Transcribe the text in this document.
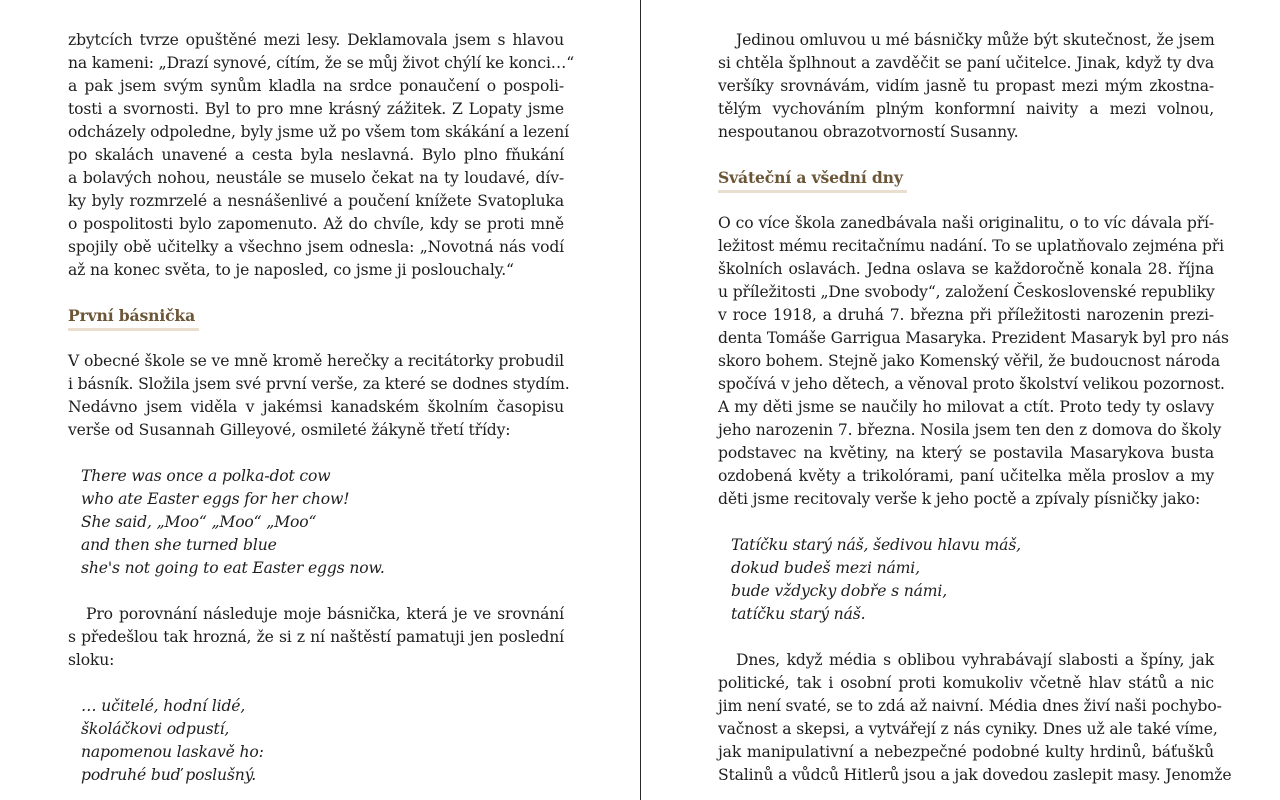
zbytcích tvrze opuštěné mezi lesy. Deklamovala jsem s hlavou
na kameni: „Drazí synové, cítím, že se můj život chýlí ke konci…“
a pak jsem svým synům kladla na srdce ponaučení o pospoli-
tosti a svornosti. Byl to pro mne krásný zážitek. Z Lopaty jsme
odcházely odpoledne, byly jsme už po všem tom skákání a lezení
po skalách unavené a cesta byla neslavná. Bylo plno fňukání
a bolavých nohou, neustále se muselo čekat na ty loudavé, dív-
ky byly rozmrzelé a nesnášenlivé a poučení knížete Svatopluka
o pospolitosti bylo zapomenuto. Až do chvíle, kdy se proti mně
spojily obě učitelky a všechno jsem odnesla: „Novotná nás vodí
až na konec světa, to je naposled, co jsme ji poslouchaly.“

První básnička

V obecné škole se ve mně kromě herečky a recitátorky probudil
i básník. Složila jsem své první verše, za které se dodnes stydím.
Nedávno jsem viděla v jakémsi kanadském školním časopisu
verše od Susannah Gilleyové, osmileté žákyně třetí třídy:

There was once a polka-dot cow
who ate Easter eggs for her chow!
She said, „Moo“ „Moo“ „Moo“
and then she turned blue
she's not going to eat Easter eggs now.

Pro porovnání následuje moje básnička, která je ve srovnání
s předešlou tak hrozná, že si z ní naštěstí pamatuji jen poslední
sloku:

… učitelé, hodní lidé,
školáčkovi odpustí,
napomenou laskavě ho:
podruhé buď poslušný.

Jedinou omluvou u mé básničky může být skutečnost, že jsem
si chtěla šplhnout a zavděčit se paní učitelce. Jinak, když ty dva
veršíky srovnávám, vidím jasně tu propast mezi mým zkostna-
tělým vychováním plným konformní naivity a mezi volnou,
nespoutanou obrazotvorností Susanny.

Sváteční a všední dny

O co více škola zanedbávala naši originalitu, o to víc dávala pří-
ležitost mému recitačnímu nadání. To se uplatňovalo zejména při
školních oslavách. Jedna oslava se každoročně konala 28. října
u příležitosti „Dne svobody“, založení Československé republiky
v roce 1918, a druhá 7. března při příležitosti narozenin prezi-
denta Tomáše Garrigua Masaryka. Prezident Masaryk byl pro nás
skoro bohem. Stejně jako Komenský věřil, že budoucnost národa
spočívá v jeho dětech, a věnoval proto školství velikou pozornost.
A my děti jsme se naučily ho milovat a ctít. Proto tedy ty oslavy
jeho narozenin 7. března. Nosila jsem ten den z domova do školy
podstavec na květiny, na který se postavila Masarykova busta
ozdobená květy a trikolórami, paní učitelka měla proslov a my
děti jsme recitovaly verše k jeho poctě a zpívaly písničky jako:

Tatíčku starý náš, šedivou hlavu máš,
dokud budeš mezi námi,
bude vždycky dobře s námi,
tatíčku starý náš.

Dnes, když média s oblibou vyhrabávají slabosti a špíny, jak
politické, tak i osobní proti komukoliv včetně hlav států a nic
jim není svaté, se to zdá až naivní. Média dnes živí naši pochybo-
vačnost a skepsi, a vytvářejí z nás cyniky. Dnes už ale také víme,
jak manipulativní a nebezpečné podobné kulty hrdinů, báťušků
Stalinů a vůdců Hitlerů jsou a jak dovedou zaslepit masy. Jenomže
